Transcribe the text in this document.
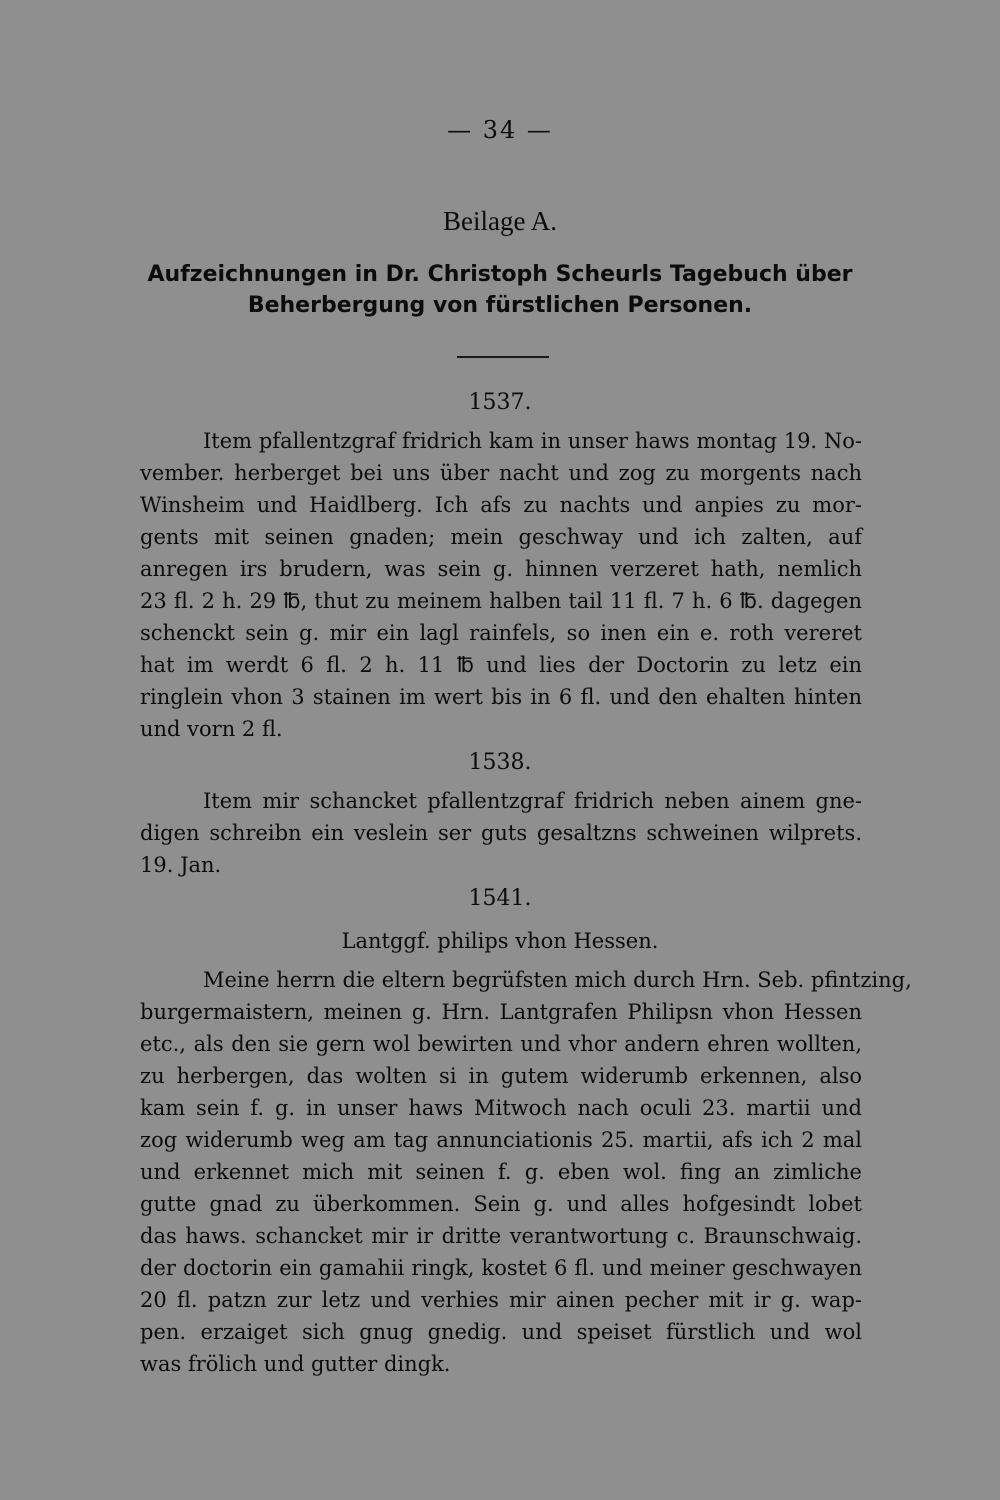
— 34 —
Beilage A.
Aufzeichnungen in Dr. Christoph Scheurls Tagebuch über
Beherbergung von fürstlichen Personen.
1537.
Item pfallentzgraf fridrich kam in unser haws montag 19. No-
vember. herberget bei uns über nacht und zog zu morgents nach
Winsheim und Haidlberg. Ich afs zu nachts und anpies zu mor-
gents mit seinen gnaden; mein geschway und ich zalten, auf
anregen irs brudern, was sein g. hinnen verzeret hath, nemlich
23 fl. 2 h. 29 ℔, thut zu meinem halben tail 11 fl. 7 h. 6 ℔. dagegen
schenckt sein g. mir ein lagl rainfels, so inen ein e. roth vereret
hat im werdt 6 fl. 2 h. 11 ℔ und lies der Doctorin zu letz ein
ringlein vhon 3 stainen im wert bis in 6 fl. und den ehalten hinten
und vorn 2 fl.
1538.
Item mir schancket pfallentzgraf fridrich neben ainem gne-
digen schreibn ein veslein ser guts gesaltzns schweinen wilprets.
19. Jan.
1541.
Lantggf. philips vhon Hessen.
Meine herrn die eltern begrüfsten mich durch Hrn. Seb. pfintzing,
burgermaistern, meinen g. Hrn. Lantgrafen Philipsn vhon Hessen
etc., als den sie gern wol bewirten und vhor andern ehren wollten,
zu herbergen, das wolten si in gutem widerumb erkennen, also
kam sein f. g. in unser haws Mitwoch nach oculi 23. martii und
zog widerumb weg am tag annunciationis 25. martii, afs ich 2 mal
und erkennet mich mit seinen f. g. eben wol. fing an zimliche
gutte gnad zu überkommen. Sein g. und alles hofgesindt lobet
das haws. schancket mir ir dritte verantwortung c. Braunschwaig.
der doctorin ein gamahii ringk, kostet 6 fl. und meiner geschwayen
20 fl. patzn zur letz und verhies mir ainen pecher mit ir g. wap-
pen. erzaiget sich gnug gnedig. und speiset fürstlich und wol
was frölich und gutter dingk.
